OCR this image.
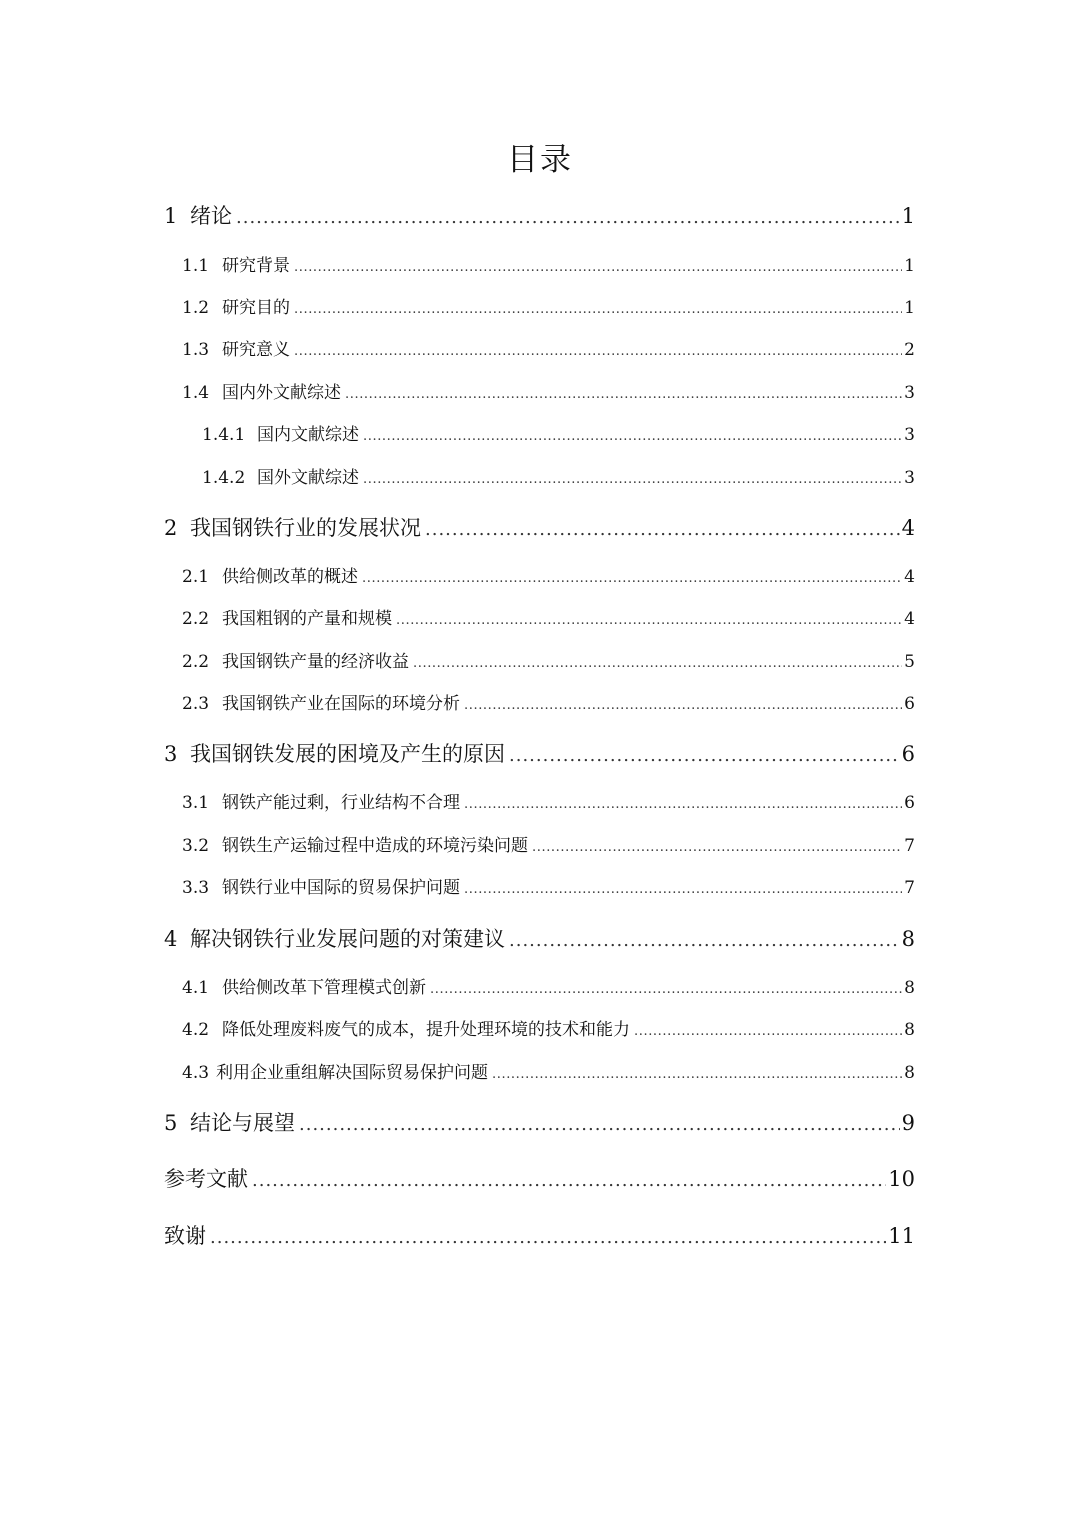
目录
1 绪论 .....	1
1.1 研究背景 .....	1
1.2 研究目的 .....	1
1.3 研究意义 .....	2
1.4 国内外文献综述 .....	3
1.4.1 国内文献综述 .....	3
1.4.2 国外文献综述 .....	3
2 我国钢铁行业的发展状况 .....	4
2.1 供给侧改革的概述 .....	4
2.2 我国粗钢的产量和规模 .....	4
2.2 我国钢铁产量的经济收益 .....	5
2.3 我国钢铁产业在国际的环境分析 .....	6
3 我国钢铁发展的困境及产生的原因 .....	6
3.1 钢铁产能过剩，行业结构不合理 .....	6
3.2 钢铁生产运输过程中造成的环境污染问题 .....	7
3.3 钢铁行业中国际的贸易保护问题 .....	7
4 解决钢铁行业发展问题的对策建议 .....	8
4.1 供给侧改革下管理模式创新 .....	8
4.2 降低处理废料废气的成本，提升处理环境的技术和能力 .....	8
4.3 利用企业重组解决国际贸易保护问题 .....	8
5 结论与展望 .....	9
参考文献 .....	10
致谢 .....	11
